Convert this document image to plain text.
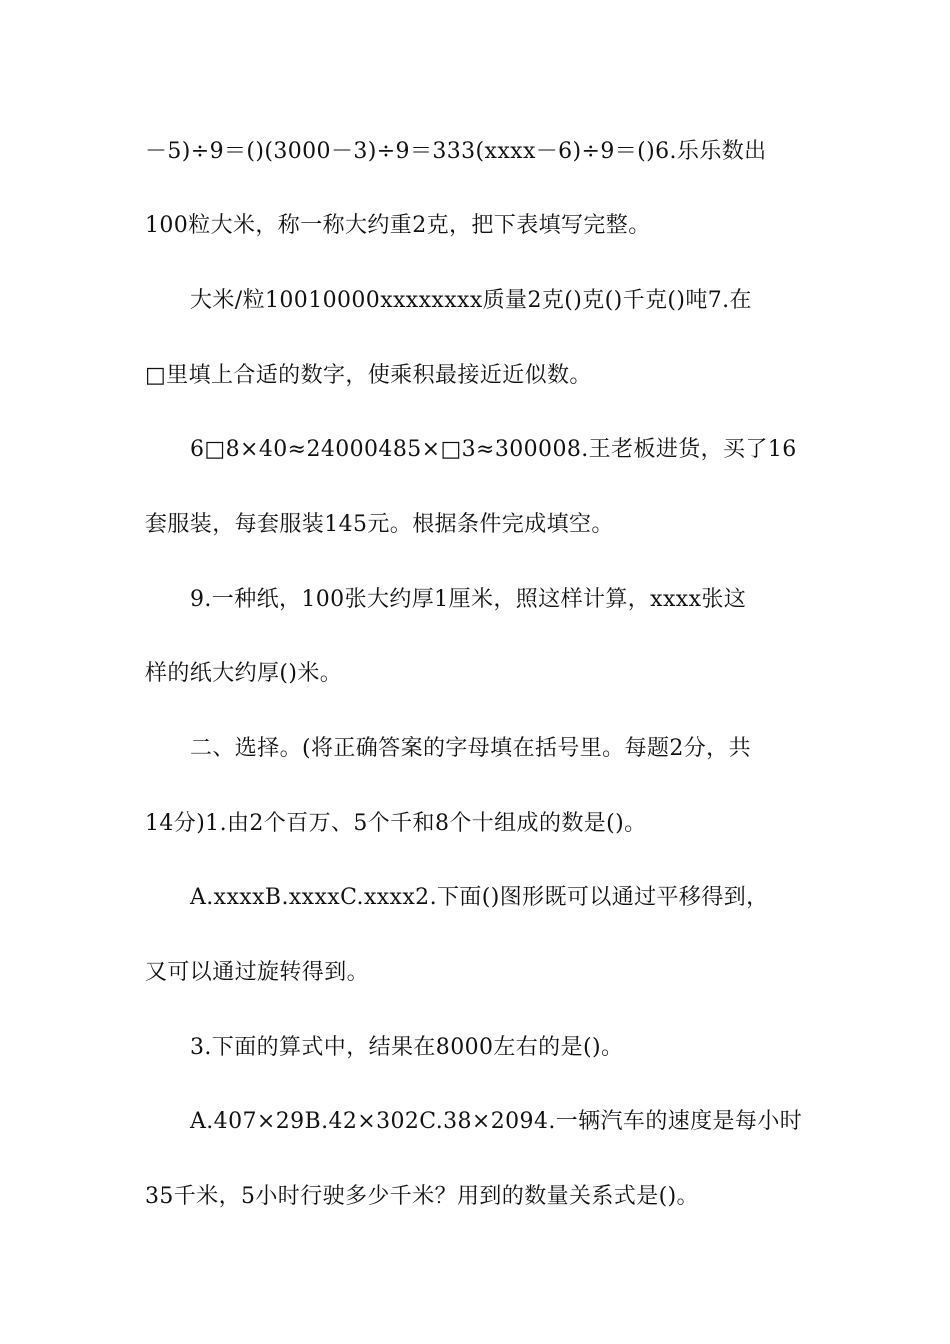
－5)÷9＝()(3000－3)÷9＝333(xxxx－6)÷9＝()6.乐乐数出
100粒大米，称一称大约重2克，把下表填写完整。
大米/粒10010000xxxxxxxx质量2克()克()千克()吨7.在
□里填上合适的数字，使乘积最接近近似数。
6□8×40≈24000485×□3≈300008.王老板进货，买了16
套服装，每套服装145元。根据条件完成填空。
9.一种纸，100张大约厚1厘米，照这样计算，xxxx张这
样的纸大约厚()米。
二、选择。(将正确答案的字母填在括号里。每题2分，共
14分)1.由2个百万、5个千和8个十组成的数是()。
A.xxxxB.xxxxC.xxxx2.下面()图形既可以通过平移得到，
又可以通过旋转得到。
3.下面的算式中，结果在8000左右的是()。
A.407×29B.42×302C.38×2094.一辆汽车的速度是每小时
35千米，5小时行驶多少千米？用到的数量关系式是()。
